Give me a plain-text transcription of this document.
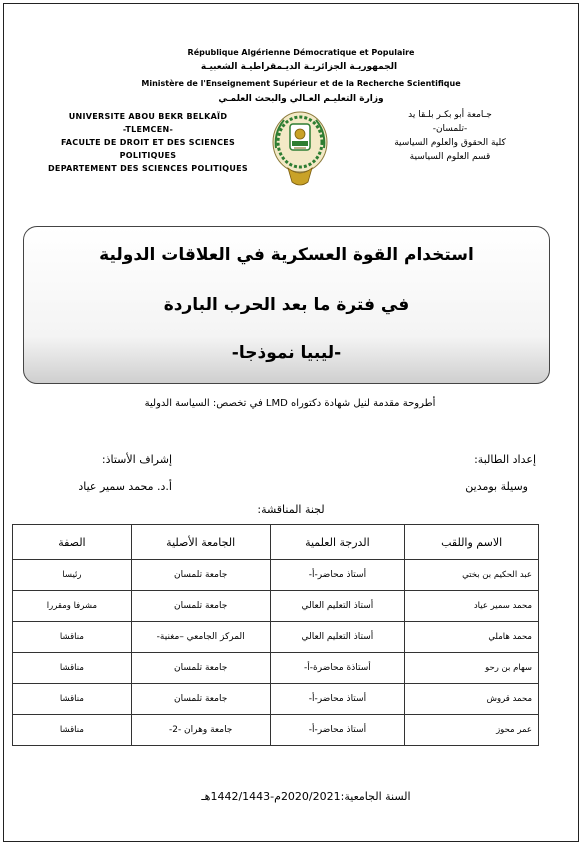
République Algérienne Démocratique et Populaire
الجمهوريـة الجزائريـة الديـمقراطيـة الشعبيـة
Ministère de l'Enseignement Supérieur et de la Recherche Scientifique
وزارة التعليـم العـالي والبحث العلمـي
UNIVERSITE ABOU BEKR BELKAÏD
-TLEMCEN-
FACULTE DE DROIT ET DES SCIENCES
POLITIQUES
DEPARTEMENT DES SCIENCES POLITIQUES
جـامعة أبو بكـر بلـقا يد
-تلمسان-
كلية الحقوق والعلوم السياسية
قسم العلوم السياسية
استخدام القوة العسكرية في العلاقات الدولية
في فترة ما بعد الحرب الباردة
-ليبيا نموذجا-
أطروحة مقدمة لنيل شهادة دكتوراه LMD في تخصص: السياسة الدولية
إعداد الطالبة:
إشراف الأستاذ:
وسيلة بومدين
أ.د. محمد سمير عياد
لجنة المناقشة:
الاسم واللقب	الدرجة العلمية	الجامعة الأصلية	الصفة
عبد الحكيم بن بختي	أستاذ محاضر-أ-	جامعة تلمسان	رئيسا
محمد سمير عياد	أستاذ التعليم العالي	جامعة تلمسان	مشرفا ومقررا
محمد هاملي	أستاذ التعليم العالي	المركز الجامعي –مغنية-	مناقشا
سهام بن رحو	أستاذة محاضرة-أ-	جامعة تلمسان	مناقشا
محمد قروش	أستاذ محاضر-أ-	جامعة تلمسان	مناقشا
عمر محوز	أستاذ محاضر-أ-	جامعة وهران -2-	مناقشا
السنة الجامعية:2020/2021م-1442/1443هـ
